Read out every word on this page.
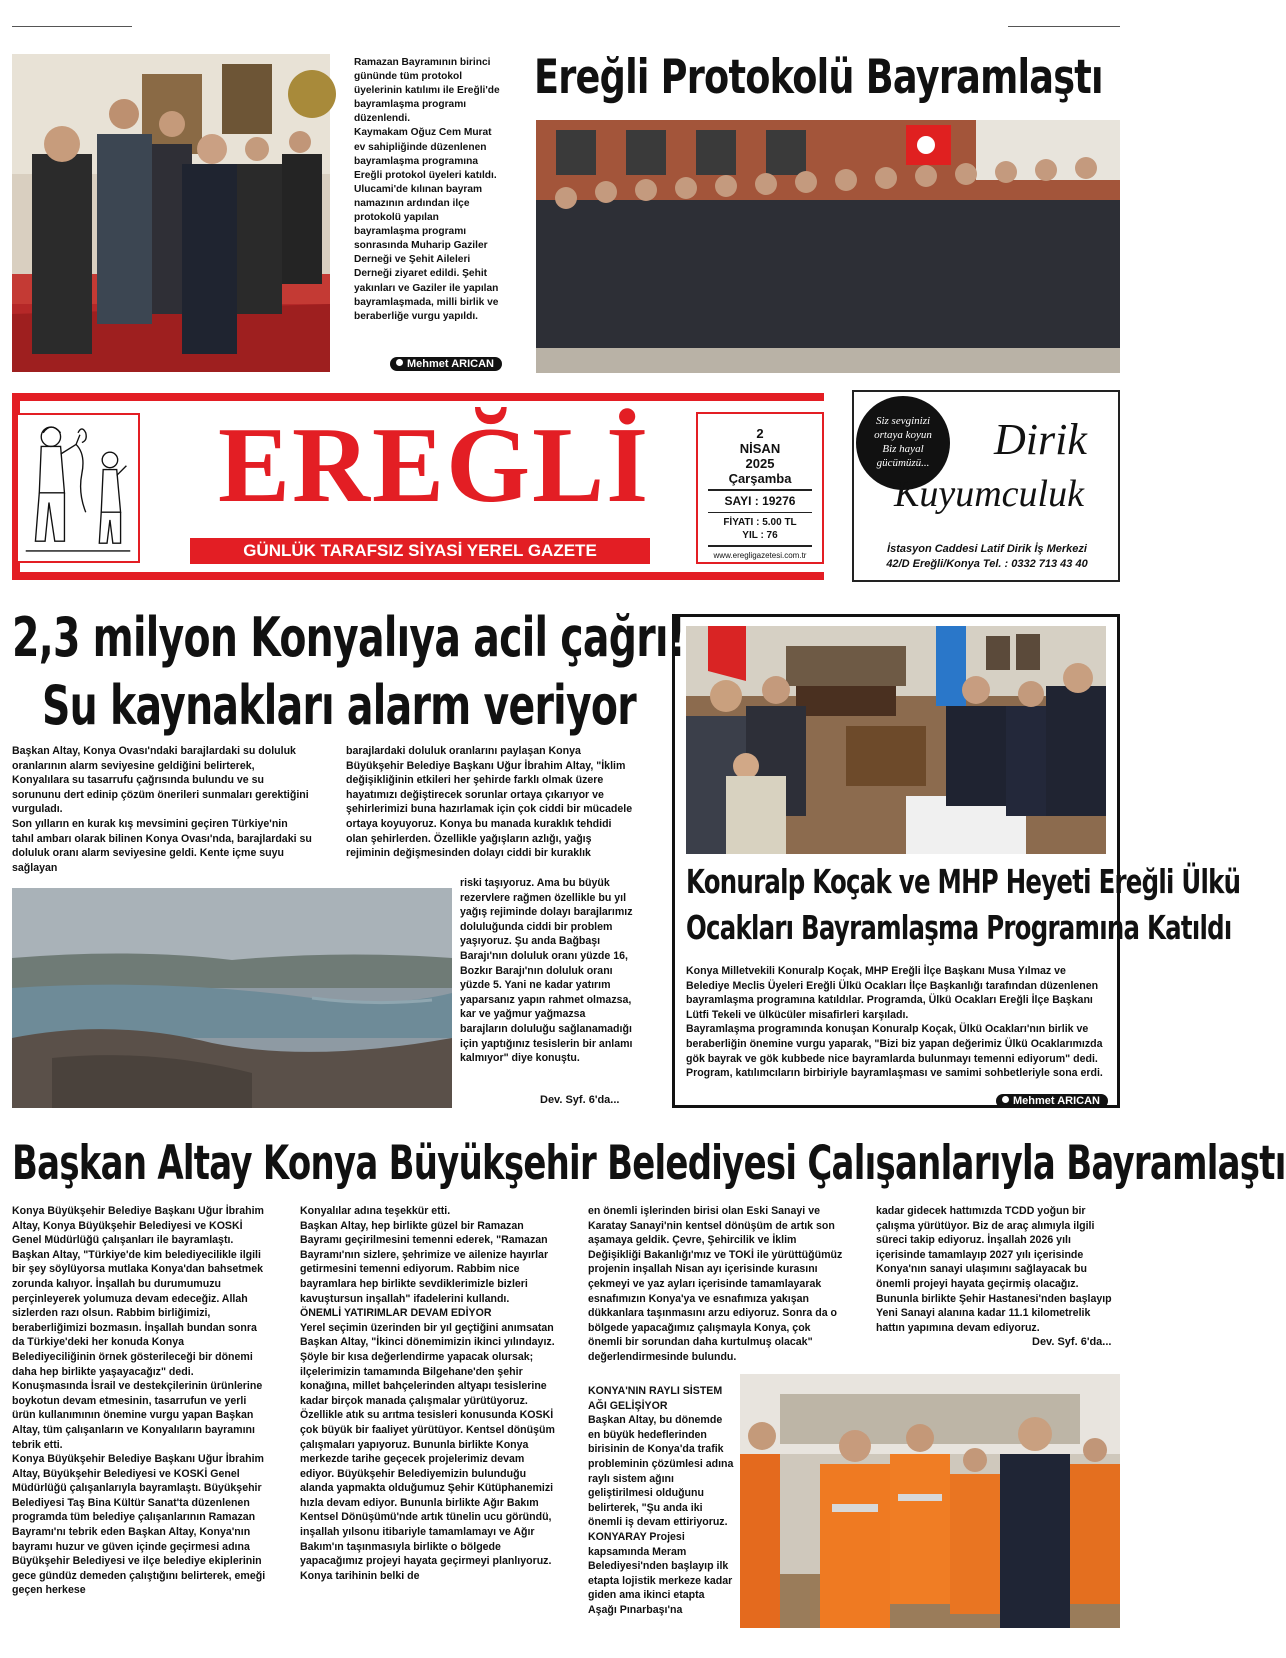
Ramazan Bayramının birinci gününde tüm protokol üyelerinin katılımı ile Ereğli'de bayramlaşma programı düzenlendi.
Kaymakam Oğuz Cem Murat ev sahipliğinde düzenlenen bayramlaşma programına Ereğli protokol üyeleri katıldı. Ulucami'de kılınan bayram namazının ardından ilçe protokolü yapılan bayramlaşma programı sonrasında Muharip Gaziler Derneği ve Şehit Aileleri Derneği ziyaret edildi. Şehit yakınları ve Gaziler ile yapılan bayramlaşmada, milli birlik ve beraberliğe vurgu yapıldı.
Mehmet ARICAN
Ereğli Protokolü Bayramlaştı
EREĞLİ
GÜNLÜK TARAFSIZ SİYASİ YEREL GAZETE
2
NİSAN
2025
Çarşamba
SAYI : 19276
FİYATI : 5.00 TL
YIL : 76
www.eregligazetesi.com.tr
Siz sevginizi ortaya koyun Biz hayal gücümüzü...	Dirik
Kuyumculuk
İstasyon Caddesi Latif Dirik İş Merkezi
42/D Ereğli/Konya Tel. : 0332 713 43 40
2,3 milyon Konyalıya acil çağrı!
Su kaynakları alarm veriyor
Başkan Altay, Konya Ovası'ndaki barajlardaki su doluluk oranlarının alarm seviyesine geldiğini belirterek, Konyalılara su tasarrufu çağrısında bulundu ve su sorununu dert edinip çözüm önerileri sunmaları gerektiğini vurguladı.
Son yılların en kurak kış mevsimini geçiren Türkiye'nin tahıl ambarı olarak bilinen Konya Ovası'nda, barajlardaki su doluluk oranı alarm seviyesine geldi. Kente içme suyu sağlayan
barajlardaki doluluk oranlarını paylaşan Konya Büyükşehir Belediye Başkanı Uğur İbrahim Altay, "İklim değişikliğinin etkileri her şehirde farklı olmak üzere hayatımızı değiştirecek sorunlar ortaya çıkarıyor ve şehirlerimizi buna hazırlamak için çok ciddi bir mücadele ortaya koyuyoruz. Konya bu manada kuraklık tehdidi olan şehirlerden. Özellikle yağışların azlığı, yağış rejiminin değişmesinden dolayı ciddi bir kuraklık
riski taşıyoruz. Ama bu büyük rezervlere rağmen özellikle bu yıl yağış rejiminde dolayı barajlarımız doluluğunda ciddi bir problem yaşıyoruz. Şu anda Bağbaşı Barajı'nın doluluk oranı yüzde 16, Bozkır Barajı'nın doluluk oranı yüzde 5. Yani ne kadar yatırım yaparsanız yapın rahmet olmazsa, kar ve yağmur yağmazsa barajların doluluğu sağlanamadığı için yaptığınız tesislerin bir anlamı kalmıyor" diye konuştu.
Dev. Syf. 6'da...
Konuralp Koçak ve MHP Heyeti Ereğli Ülkü
Ocakları Bayramlaşma Programına Katıldı
Konya Milletvekili Konuralp Koçak, MHP Ereğli İlçe Başkanı Musa Yılmaz ve Belediye Meclis Üyeleri Ereğli Ülkü Ocakları İlçe Başkanlığı tarafından düzenlenen bayramlaşma programına katıldılar. Programda, Ülkü Ocakları Ereğli İlçe Başkanı Lütfi Tekeli ve ülkücüler misafirleri karşıladı.
Bayramlaşma programında konuşan Konuralp Koçak, Ülkü Ocakları'nın birlik ve beraberliğin önemine vurgu yaparak, "Bizi biz yapan değerimiz Ülkü Ocaklarımızda gök bayrak ve gök kubbede nice bayramlarda bulunmayı temenni ediyorum" dedi. Program, katılımcıların birbiriyle bayramlaşması ve samimi sohbetleriyle sona erdi.
Mehmet ARICAN
Başkan Altay Konya Büyükşehir Belediyesi Çalışanlarıyla Bayramlaştı
Konya Büyükşehir Belediye Başkanı Uğur İbrahim Altay, Konya Büyükşehir Belediyesi ve KOSKİ Genel Müdürlüğü çalışanları ile bayramlaştı. Başkan Altay, "Türkiye'de kim belediyecilikle ilgili bir şey söylüyorsa mutlaka Konya'dan bahsetmek zorunda kalıyor. İnşallah bu durumumuzu perçinleyerek yolumuza devam edeceğiz. Allah sizlerden razı olsun. Rabbim birliğimizi, beraberliğimizi bozmasın. İnşallah bundan sonra da Türkiye'deki her konuda Konya Belediyeciliğinin örnek gösterileceği bir dönemi daha hep birlikte yaşayacağız" dedi. Konuşmasında İsrail ve destekçilerinin ürünlerine boykotun devam etmesinin, tasarrufun ve yerli ürün kullanımının önemine vurgu yapan Başkan Altay, tüm çalışanların ve Konyalıların bayramını tebrik etti.
Konya Büyükşehir Belediye Başkanı Uğur İbrahim Altay, Büyükşehir Belediyesi ve KOSKİ Genel Müdürlüğü çalışanlarıyla bayramlaştı. Büyükşehir Belediyesi Taş Bina Kültür Sanat'ta düzenlenen programda tüm belediye çalışanlarının Ramazan Bayramı'nı tebrik eden Başkan Altay, Konya'nın bayramı huzur ve güven içinde geçirmesi adına Büyükşehir Belediyesi ve ilçe belediye ekiplerinin gece gündüz demeden çalıştığını belirterek, emeği geçen herkese
Konyalılar adına teşekkür etti.
Başkan Altay, hep birlikte güzel bir Ramazan Bayramı geçirilmesini temenni ederek, "Ramazan Bayramı'nın sizlere, şehrimize ve ailenize hayırlar getirmesini temenni ediyorum. Rabbim nice bayramlara hep birlikte sevdiklerimizle bizleri kavuştursun inşallah" ifadelerini kullandı.
ÖNEMLİ YATIRIMLAR DEVAM EDİYOR
Yerel seçimin üzerinden bir yıl geçtiğini anımsatan Başkan Altay, "İkinci dönemimizin ikinci yılındayız. Şöyle bir kısa değerlendirme yapacak olursak; ilçelerimizin tamamında Bilgehane'den şehir konağına, millet bahçelerinden altyapı tesislerine kadar birçok manada çalışmalar yürütüyoruz. Özellikle atık su arıtma tesisleri konusunda KOSKİ çok büyük bir faaliyet yürütüyor. Kentsel dönüşüm çalışmaları yapıyoruz. Bununla birlikte Konya merkezde tarihe geçecek projelerimiz devam ediyor. Büyükşehir Belediyemizin bulunduğu alanda yapmakta olduğumuz Şehir Kütüphanemizi hızla devam ediyor. Bununla birlikte Ağır Bakım Kentsel Dönüşümü'nde artık tünelin ucu göründü, inşallah yılsonu itibariyle tamamlamayı ve Ağır Bakım'ın taşınmasıyla birlikte o bölgede yapacağımız projeyi hayata geçirmeyi planlıyoruz. Konya tarihinin belki de
en önemli işlerinden birisi olan Eski Sanayi ve Karatay Sanayi'nin kentsel dönüşüm de artık son aşamaya geldik. Çevre, Şehircilik ve İklim Değişikliği Bakanlığı'mız ve TOKİ ile yürüttüğümüz projenin inşallah Nisan ayı içerisinde kurasını çekmeyi ve yaz ayları içerisinde tamamlayarak esnafımızın Konya'ya ve esnafımıza yakışan dükkanlara taşınmasını arzu ediyoruz. Sonra da o bölgede yapacağımız çalışmayla Konya, çok önemli bir sorundan daha kurtulmuş olacak" değerlendirmesinde bulundu.
KONYA'NIN RAYLI SİSTEM AĞI GELİŞİYOR
Başkan Altay, bu dönemde en büyük hedeflerinden birisinin de Konya'da trafik probleminin çözümlesi adına raylı sistem ağını geliştirilmesi olduğunu belirterek, "Şu anda iki önemli iş devam ettiriyoruz. KONYARAY Projesi kapsamında Meram Belediyesi'nden başlayıp ilk etapta lojistik merkeze kadar giden ama ikinci etapta Aşağı Pınarbaşı'na
kadar gidecek hattımızda TCDD yoğun bir çalışma yürütüyor. Biz de araç alımıyla ilgili süreci takip ediyoruz. İnşallah 2026 yılı içerisinde tamamlayıp 2027 yılı içerisinde Konya'nın sanayi ulaşımını sağlayacak bu önemli projeyi hayata geçirmiş olacağız. Bununla birlikte Şehir Hastanesi'nden başlayıp Yeni Sanayi alanına kadar 11.1 kilometrelik hattın yapımına devam ediyoruz.
Dev. Syf. 6'da...
